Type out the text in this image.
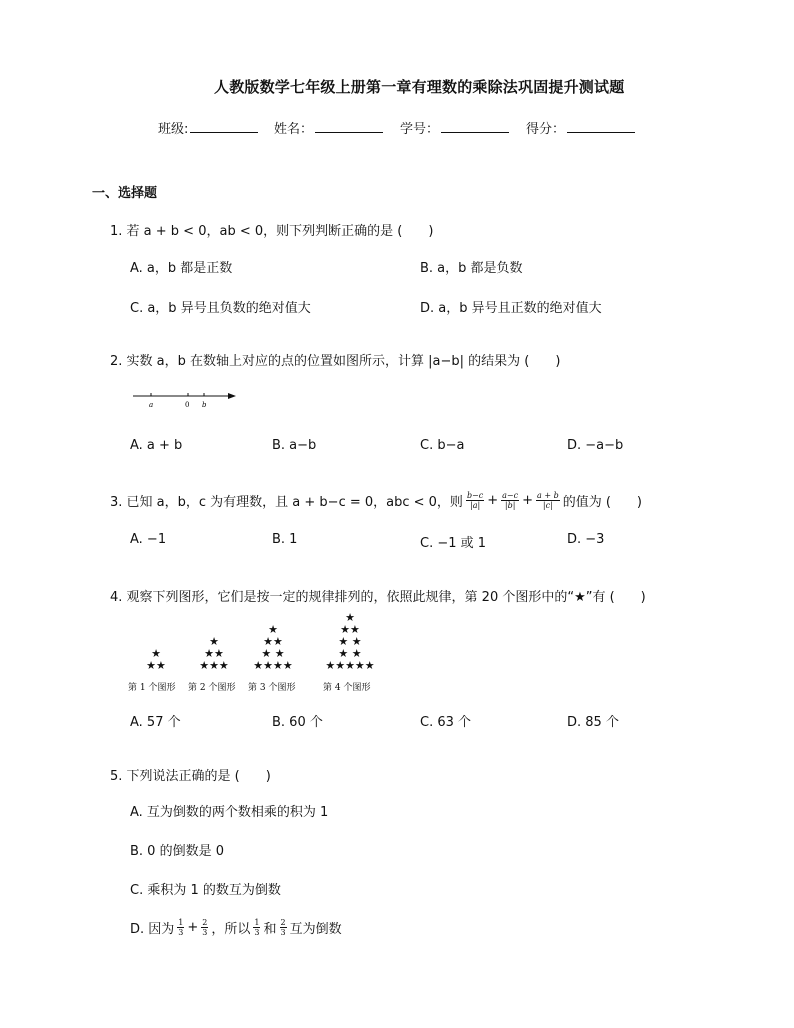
人教版数学七年级上册第一章有理数的乘除法巩固提升测试题
班级:	姓名：	学号：	得分：
一、选择题
1. 若 a + b < 0，ab < 0，则下列判断正确的是 (　　)
A. a，b 都是正数	B. a，b 都是负数
C. a，b 异号且负数的绝对值大	D. a，b 异号且正数的绝对值大
2. 实数 a，b 在数轴上对应的点的位置如图所示，计算 |a−b| 的结果为 (　　)
a	0 b
A. a + b	B. a−b	C. b−a	D. −a−b
3. 已知 a，b，c 为有理数，且 a + b−c = 0，abc < 0，则 $\frac{b-c}{|a|} + \frac{a-c}{|b|} + \frac{a + b}{|c|}$ 的值为 (　　)
A. −1	B. 1	C. −1 或 1	D. −3
4. 观察下列图形，它们是按一定的规律排列的，依照此规律，第 20 个图形中的“★”有 (　　)
★
★★
★
★★
★★★
★
★★
★ ★
★★★★
★
★★
★ ★
★ ★
★★★★★
第 1 个图形 第 2 个图形 第 3 个图形	第 4 个图形
A. 57 个	B. 60 个	C. 63 个	D. 85 个
5. 下列说法正确的是 (　　)
A. 互为倒数的两个数相乘的积为 1
B. 0 的倒数是 0
C. 乘积为 1 的数互为倒数
D. 因为 $\frac{1}{3} + \frac{2}{3}$ ，所以 $\frac{1}{3}$ 和 $\frac{2}{3}$ 互为倒数
